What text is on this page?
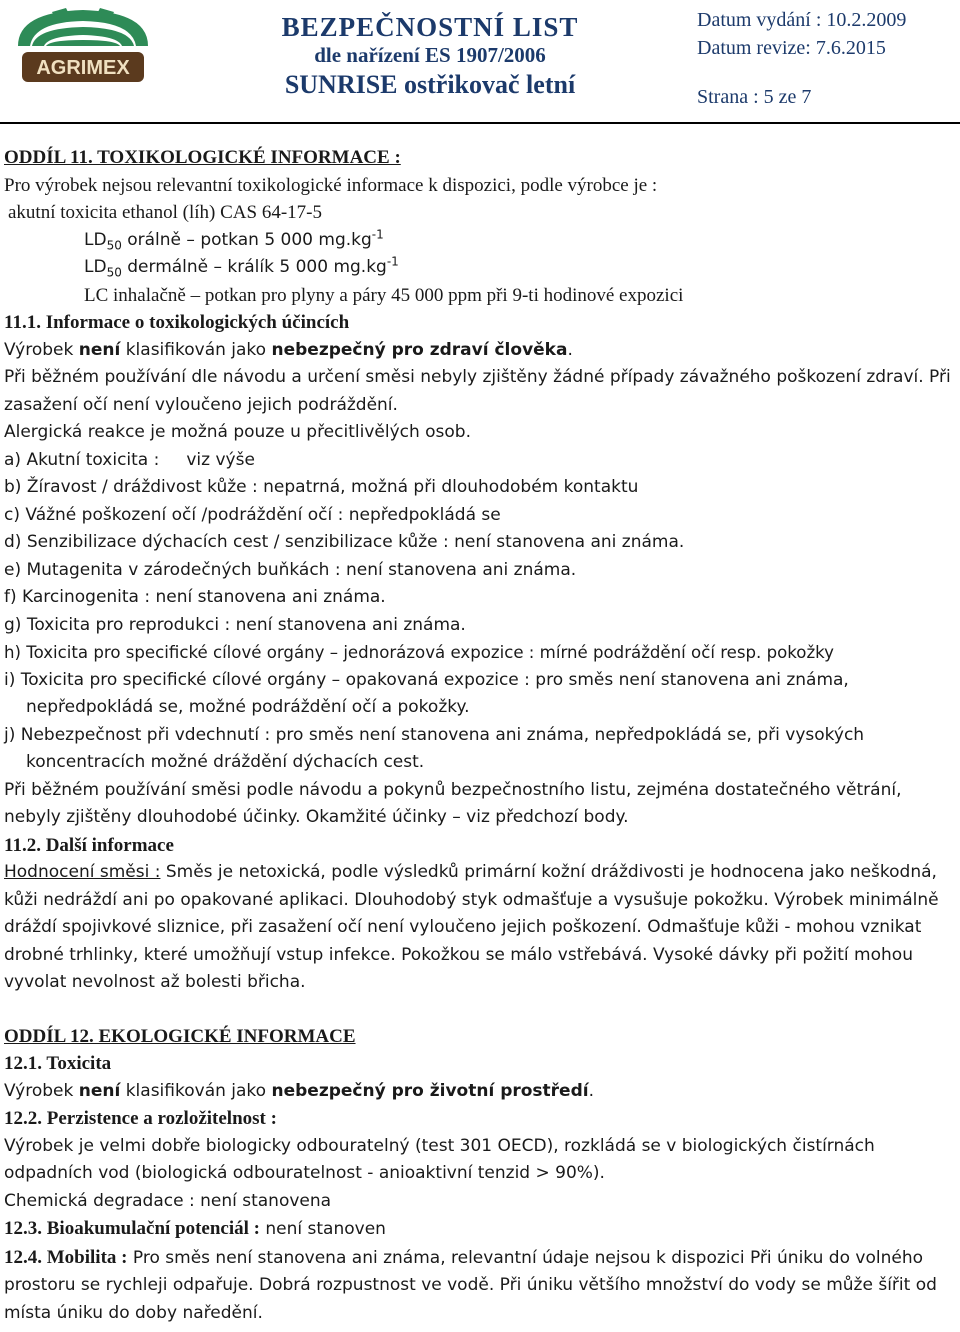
AGRIMEX
BEZPEČNOSTNÍ LIST
dle nařízení ES 1907/2006
SUNRISE ostřikovač letní
Datum vydání : 10.2.2009
Datum revize: 7.6.2015
Strana : 5 ze 7

ODDÍL 11. TOXIKOLOGICKÉ INFORMACE :

Pro výrobek nejsou relevantní toxikologické informace k dispozici, podle výrobce je :

akutní toxicita ethanol (líh) CAS 64-17-5

$LD_{50}$ orálně – potkan 5 000 $mg.kg^{-1}$

$LD_{50}$ dermálně – králík 5 000 $mg.kg^{-1}$

LC inhalačně – potkan pro plyny a páry 45 000 ppm při 9-ti hodinové expozici

11.1. Informace o toxikologických účincích

Výrobek není klasifikován jako nebezpečný pro zdraví člověka.

Při běžném používání dle návodu a určení směsi nebyly zjištěny žádné případy závažného poškození zdraví. Při zasažení očí není vyloučeno jejich podráždění.

Alergická reakce je možná pouze u přecitlivělých osob.

a) Akutní toxicita :     viz výše

b) Žíravost / dráždivost kůže : nepatrná, možná při dlouhodobém kontaktu

c) Vážné poškození očí /podráždění očí : nepředpokládá se

d) Senzibilizace dýchacích cest / senzibilizace kůže : není stanovena ani známa.

e) Mutagenita v zárodečných buňkách : není stanovena ani známa.

f) Karcinogenita : není stanovena ani známa.

g) Toxicita pro reprodukci : není stanovena ani známa.

h) Toxicita pro specifické cílové orgány – jednorázová expozice : mírné podráždění očí resp. pokožky

i) Toxicita pro specifické cílové orgány – opakovaná expozice : pro směs není stanovena ani známa,

nepředpokládá se, možné podráždění očí a pokožky.

j) Nebezpečnost při vdechnutí : pro směs není stanovena ani známa, nepředpokládá se, při vysokých

koncentracích možné dráždění dýchacích cest.

Při běžném používání směsi podle návodu a pokynů bezpečnostního listu, zejména dostatečného větrání, nebyly zjištěny dlouhodobé účinky. Okamžité účinky – viz předchozí body.

11.2. Další informace

Hodnocení směsi : Směs je netoxická, podle výsledků primární kožní dráždivosti je hodnocena jako neškodná, kůži nedráždí ani po opakované aplikaci. Dlouhodobý styk odmašťuje a vysušuje pokožku. Výrobek minimálně dráždí spojivkové sliznice, při zasažení očí není vyloučeno jejich poškození. Odmašťuje kůži - mohou vznikat drobné trhlinky, které umožňují vstup infekce. Pokožkou se málo vstřebává. Vysoké dávky při požití mohou vyvolat nevolnost až bolesti břicha.

ODDÍL 12. EKOLOGICKÉ INFORMACE

12.1. Toxicita

Výrobek není klasifikován jako nebezpečný pro životní prostředí.

12.2. Perzistence a rozložitelnost :

Výrobek je velmi dobře biologicky odbouratelný (test 301 OECD), rozkládá se v biologických čistírnách odpadních vod (biologická odbouratelnost - anioaktivní tenzid > 90%).

Chemická degradace : není stanovena

12.3. Bioakumulační potenciál : není stanoven

12.4. Mobilita : Pro směs není stanovena ani známa, relevantní údaje nejsou k dispozici Při úniku do volného prostoru se rychleji odpařuje. Dobrá rozpustnost ve vodě. Při úniku většího množství do vody se může šířit od místa úniku do doby naředění.
